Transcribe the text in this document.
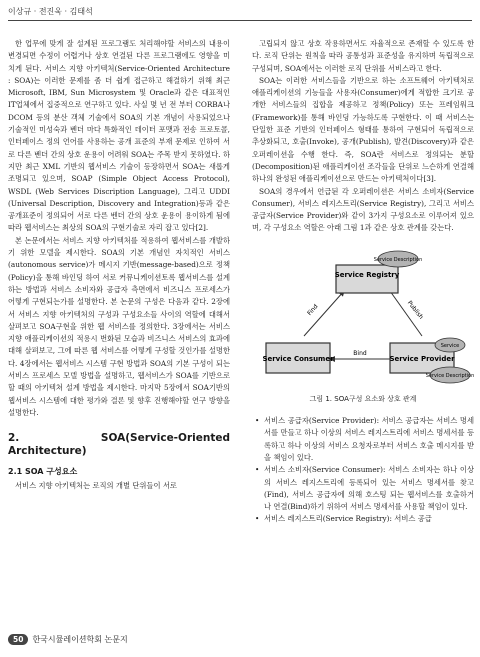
이상규 · 전진욱 · 김태석

한 업무에 맞게 잘 설계된 프로그램도 처리해야할 서비스의 내용이 변경되면 수정이 어렵거나 상호 연결된 다른 프로그램에도 영향을 미치게 된다. 서비스 지향 아키텍처(Service-Oriented Architecture : SOA)는 이러한 문제를 좀 더 쉽게 접근하고 해결하기 위해 최근 Microsoft, IBM, Sun Microsystem 및 Oracle과 같은 대표적인 IT업체에서 집중적으로 연구하고 있다. 사실 몇 년 전 부터 CORBA나 DCOM 등의 분산 객체 기술에서 SOA의 기본 개념이 사용되었으나 기술적인 미성숙과 벤더 마다 특화적인 데이터 포맷과 전송 프로토콜, 인터페이스 정의 언어를 사용하는 공개 표준의 부재 문제로 인하여 서로 다른 벤더 간의 상호 운용이 어려워 SOA는 주목 받지 못하였다. 하지만 최근 XML 기반의 웹서비스 기술이 등장하면서 SOA는 새롭게 조명되고 있으며, SOAP (Simple Object Access Protocol), WSDL (Web Services Discription Language), 그리고 UDDI (Universal Description, Discovery and Integration)등과 같은 공개표준이 정의되어 서로 다른 벤더 간의 상호 운용이 용이하게 됨에 따라 웹서비스는 최상의 SOA의 구현기술로 자리 잡고 있다[2].

본 논문에서는 서비스 지향 아키텍처를 적용하여 웹서비스를 개발하기 위한 모델을 제시한다. SOA의 기본 개념인 자치적인 서비스(autonomous service)가 메시지 기반(message-based)으로 정책(Policy)을 통해 바인딩 하여 서로 커뮤니케이션토록 웹서비스를 설계하는 방법과 서비스 소비자와 공급자 측면에서 비즈니스 프로세스가 어떻게 구현되는가를 설명한다. 본 논문의 구성은 다음과 같다. 2장에서 서비스 지향 아키텍처의 구성과 구성요소들 사이의 역할에 대해서 살펴보고 SOA구현을 위한 웹 서비스를 정의한다. 3장에서는 서비스 지향 애플리케이션의 적용시 번화된 모습과 비즈니스 서비스의 효과에 대해 살펴보고, 그에 따른 웹 서비스를 어떻게 구성할 것인가를 설명한다. 4장에서는 웹서비스 시스템 구현 방법과 SOA의 기본 구성이 되는 서비스 프로세스 모델 방법을 설명하고, 웹서비스가 SOA를 기반으로 할 때의 아키텍쳐 설계 방법을 제시한다. 마지막 5장에서 SOA기반의 웹서비스 시스템에 대한 평가와 결론 및 향후 진행해야할 연구 방향을 설명한다.

2. SOA(Service-Oriented Architecture)
2.1 SOA 구성요소

서비스 지향 아키텍처는 로직의 개별 단위들이 서로

고립되지 않고 상호 작용하면서도 자율적으로 존재할 수 있도록 한다. 로직 단위는 원칙을 따라 공통성과 표준성을 유지하며 독립적으로 구성되며, SOA에서는 이러한 로직 단위를 서비스라고 한다.

SOA는 이러한 서비스들을 기반으로 하는 소프트웨어 아키텍처로 애플리케이션의 기능들을 사용자(Consumer)에게 적합한 크기로 공개한 서비스들의 집합을 제공하고 정책(Policy) 또는 프레임워크(Framework)를 통해 바인딩 가능하도록 구현한다. 이 때 서비스는 단일한 표준 기반의 인터페이스 형태를 통하여 구현되어 독립적으로 추상화되고, 호출(Invoke), 공개(Publish), 발견(Discovery)과 같은 오퍼레이션을 수행 한다. 즉, SOA란 서비스로 정의되는 분할(Decomposition)된 애플리케이션 조각들을 단위로 느슨하게 연결해 하나의 완성된 애플리케이션으로 만드는 아키텍처이다[3].

SOA의 경우에서 언급된 각 오퍼레이션은 서비스 소비자(Service Consumer), 서비스 레지스트리(Service Registry), 그리고 서비스 공급자(Service Provider)와 같이 3가지 구성요소로 이루어져 있으며, 각 구성요소 역할은 아래 그림 1과 같은 상호 관계를 갖는다.

Service Registry
Service Description
Service Consumer	Service Provider
Service
Service Description
Find	Publish
Bind
그림 1. SOA구성 요소와 상호 관계
• 서비스 공급자(Service Provider): 서비스 공급자는 서비스 명세서를 만들고 하나 이상의 서비스 레지스트리에 서비스 명세서를 등록하고 하나 이상의 서비스 요청자로부터 서비스 호출 메시지를 받을 책임이 있다.
• 서비스 소비자(Service Consumer): 서비스 소비자는 하나 이상의 서비스 레지스트리에 등록되어 있는 서비스 명세서를 찾고(Find), 서비스 공급자에 의해 호스팅 되는 웹서비스를 호출하거나 연결(Bind)하기 위하여 서비스 명세서를 사용할 책임이 있다.
• 서비스 레지스트리(Service Registry): 서비스 공급
50	한국시뮬레이션학회 논문지
